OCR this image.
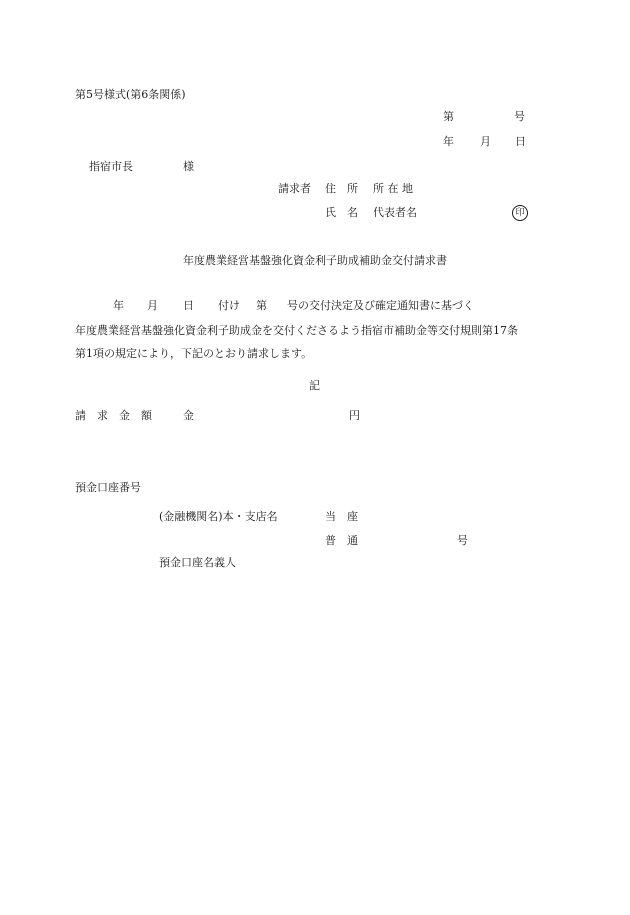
第5号様式(第6条関係)
第	号
年 月 日
指宿市長	様
請求者 住　所 所 在 地
氏　名 代表者名	印
年度農業経営基盤強化資金利子助成補助金交付請求書
年 月 日 付け 第 号の交付決定及び確定通知書に基づく
年度農業経営基盤強化資金利子助成金を交付くださるよう指宿市補助金等交付規則第17条
第1項の規定により，下記のとおり請求します。
記
請　求　金　額	金	円
預金口座番号
(金融機関名)本・支店名	当　座
普　通	号
預金口座名義人
